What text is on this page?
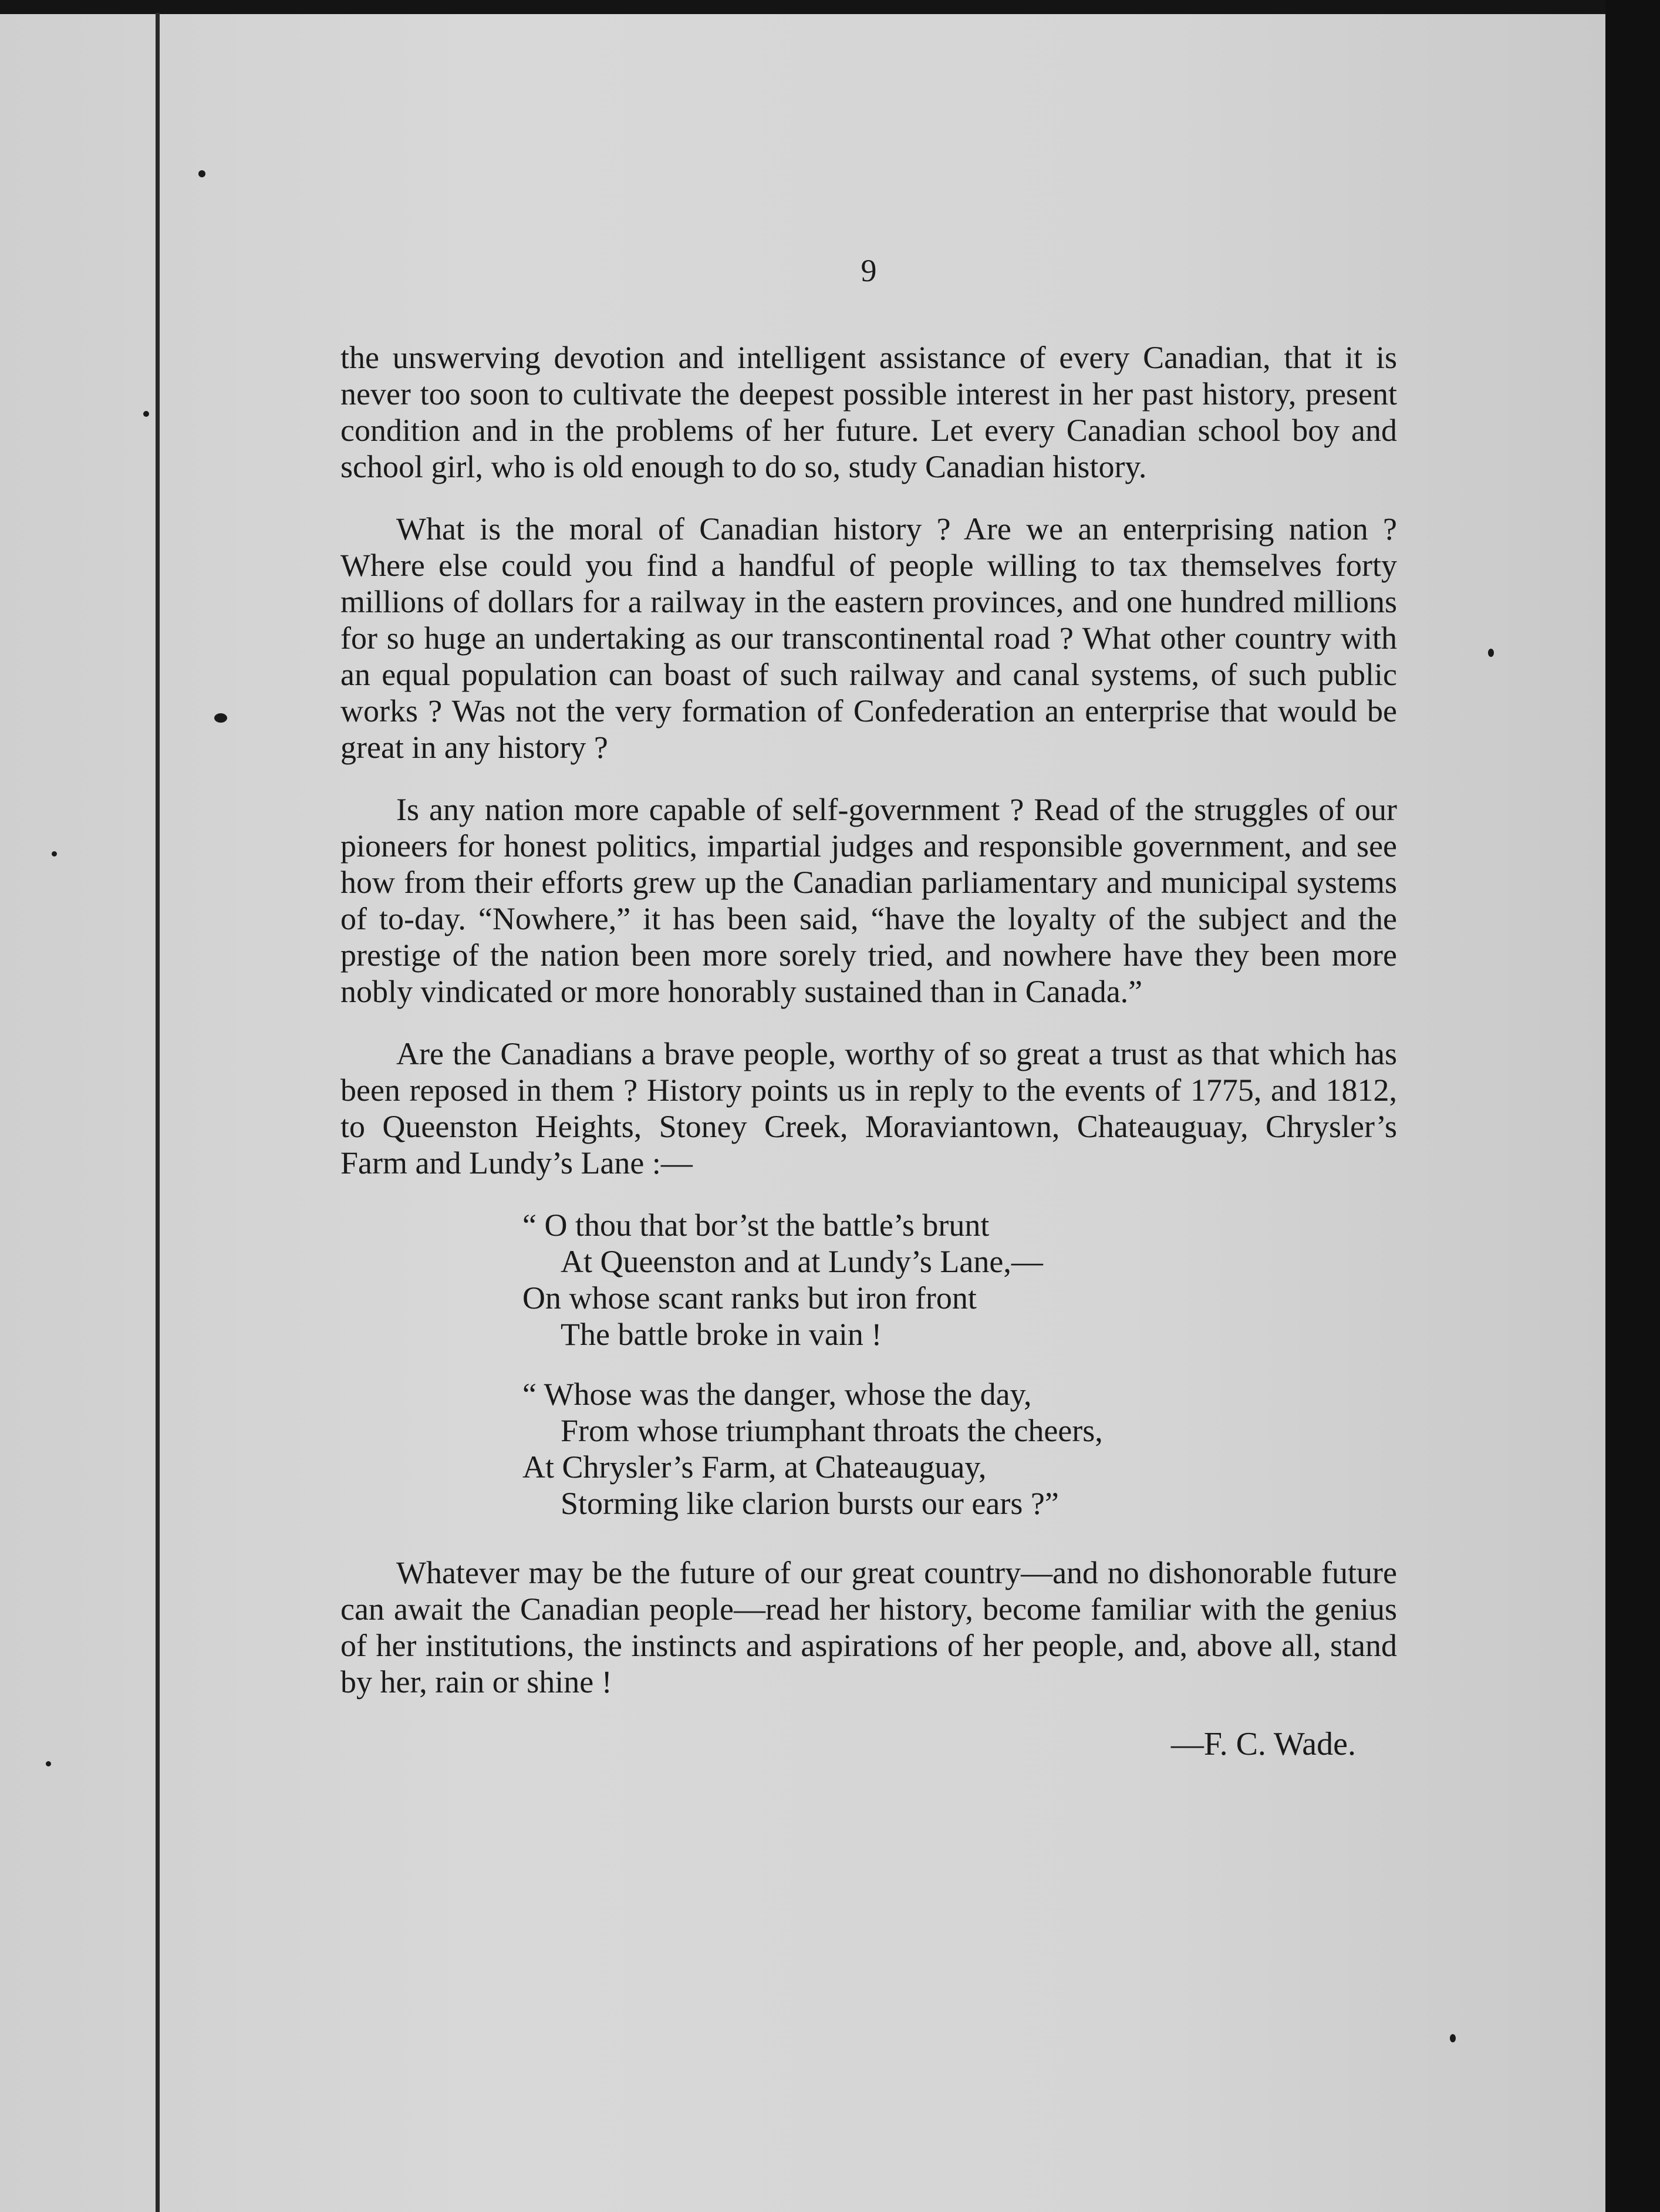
9

the unswerving devotion and intelligent assistance of every Canadian, that it is never too soon to cultivate the deepest possible interest in her past history, present condition and in the problems of her future. Let every Canadian school boy and school girl, who is old enough to do so, study Canadian history.

What is the moral of Canadian history ? Are we an enterprising nation ? Where else could you find a handful of people willing to tax themselves forty millions of dollars for a railway in the eastern provinces, and one hundred millions for so huge an undertaking as our transcontinental road ? What other country with an equal population can boast of such railway and canal systems, of such public works ? Was not the very formation of Confederation an enterprise that would be great in any history ?

Is any nation more capable of self-government ? Read of the struggles of our pioneers for honest politics, impartial judges and responsible government, and see how from their efforts grew up the Canadian parliamentary and municipal systems of to-day. “Nowhere,” it has been said, “have the loyalty of the subject and the prestige of the nation been more sorely tried, and nowhere have they been more nobly vindicated or more honorably sustained than in Canada.”

Are the Canadians a brave people, worthy of so great a trust as that which has been reposed in them ? History points us in reply to the events of 1775, and 1812, to Queenston Heights, Stoney Creek, Moraviantown, Chateauguay, Chrysler’s Farm and Lundy’s Lane :—

“ O thou that bor’st the battle’s brunt
At Queenston and at Lundy’s Lane,—
On whose scant ranks but iron front
The battle broke in vain !
“ Whose was the danger, whose the day,
From whose triumphant throats the cheers,
At Chrysler’s Farm, at Chateauguay,
Storming like clarion bursts our ears ?”

Whatever may be the future of our great country—and no dishonorable future can await the Canadian people—read her history, become familiar with the genius of her institutions, the instincts and aspirations of her people, and, above all, stand by her, rain or shine !

—F. C. Wade.
